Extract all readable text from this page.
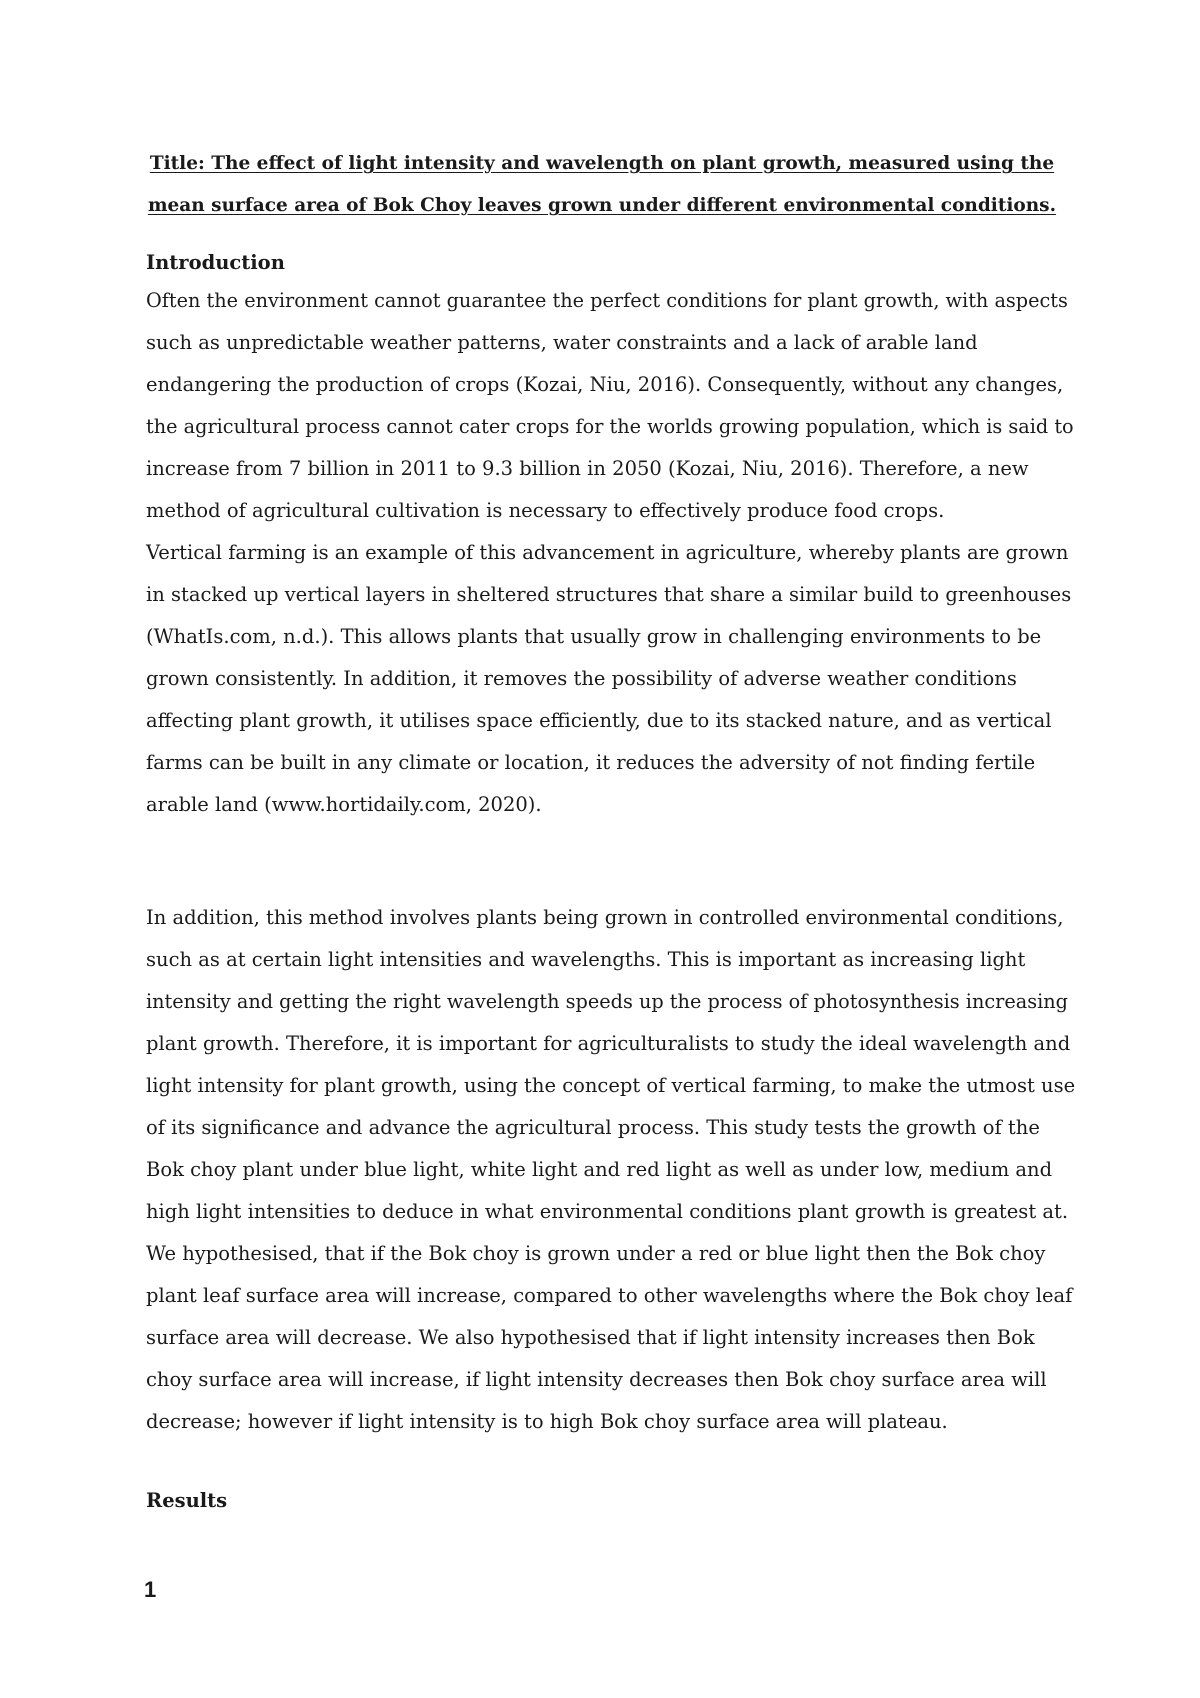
Title: The effect of light intensity and wavelength on plant growth, measured using the
mean surface area of Bok Choy leaves grown under different environmental conditions.
Introduction
Often the environment cannot guarantee the perfect conditions for plant growth, with aspects
such as unpredictable weather patterns, water constraints and a lack of arable land
endangering the production of crops (Kozai, Niu, 2016). Consequently, without any changes,
the agricultural process cannot cater crops for the worlds growing population, which is said to
increase from 7 billion in 2011 to 9.3 billion in 2050 (Kozai, Niu, 2016). Therefore, a new
method of agricultural cultivation is necessary to effectively produce food crops.
Vertical farming is an example of this advancement in agriculture, whereby plants are grown
in stacked up vertical layers in sheltered structures that share a similar build to greenhouses
(WhatIs.com, n.d.). This allows plants that usually grow in challenging environments to be
grown consistently. In addition, it removes the possibility of adverse weather conditions
affecting plant growth, it utilises space efficiently, due to its stacked nature, and as vertical
farms can be built in any climate or location, it reduces the adversity of not finding fertile
arable land (www.hortidaily.com, 2020).
In addition, this method involves plants being grown in controlled environmental conditions,
such as at certain light intensities and wavelengths. This is important as increasing light
intensity and getting the right wavelength speeds up the process of photosynthesis increasing
plant growth. Therefore, it is important for agriculturalists to study the ideal wavelength and
light intensity for plant growth, using the concept of vertical farming, to make the utmost use
of its significance and advance the agricultural process. This study tests the growth of the
Bok choy plant under blue light, white light and red light as well as under low, medium and
high light intensities to deduce in what environmental conditions plant growth is greatest at.
We hypothesised, that if the Bok choy is grown under a red or blue light then the Bok choy
plant leaf surface area will increase, compared to other wavelengths where the Bok choy leaf
surface area will decrease. We also hypothesised that if light intensity increases then Bok
choy surface area will increase, if light intensity decreases then Bok choy surface area will
decrease; however if light intensity is to high Bok choy surface area will plateau.
Results
1
